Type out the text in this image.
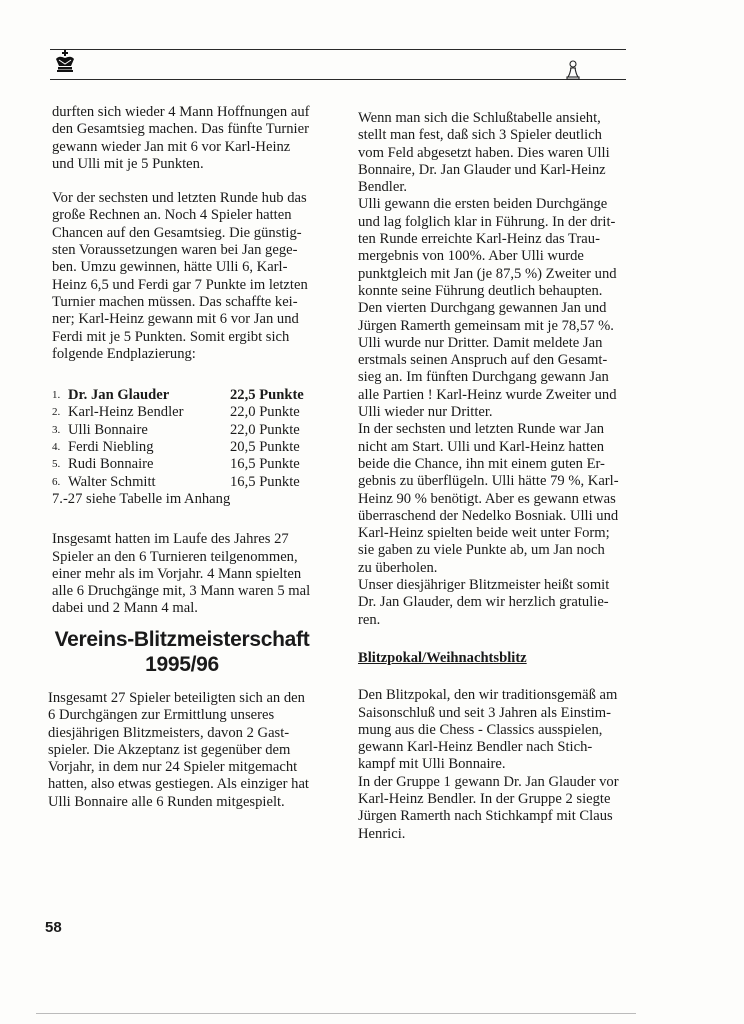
durften sich wieder 4 Mann Hoffnungen auf
den Gesamtsieg machen. Das fünfte Turnier
gewann wieder Jan mit 6 vor Karl-Heinz
und Ulli mit je 5 Punkten.

Vor der sechsten und letzten Runde hub das
große Rechnen an. Noch 4 Spieler hatten
Chancen auf den Gesamtsieg. Die günstig-
sten Voraussetzungen waren bei Jan gege-
ben. Umzu gewinnen, hätte Ulli 6, Karl-
Heinz 6,5 und Ferdi gar 7 Punkte im letzten
Turnier machen müssen. Das schaffte kei-
ner; Karl-Heinz gewann mit 6 vor Jan und
Ferdi mit je 5 Punkten. Somit ergibt sich
folgende Endplazierung:

1.	Dr. Jan Glauder	22,5 Punkte
2.	Karl-Heinz Bendler	22,0 Punkte
3.	Ulli Bonnaire	22,0 Punkte
4.	Ferdi Niebling	20,5 Punkte
5.	Rudi Bonnaire	16,5 Punkte
6.	Walter Schmitt	16,5 Punkte

7.-27 siehe Tabelle im Anhang

Insgesamt hatten im Laufe des Jahres 27
Spieler an den 6 Turnieren teilgenommen,
einer mehr als im Vorjahr. 4 Mann spielten
alle 6 Druchgänge mit, 3 Mann waren 5 mal
dabei und 2 Mann 4 mal.

Vereins-Blitzmeisterschaft
1995/96

Insgesamt 27 Spieler beteiligten sich an den
6 Durchgängen zur Ermittlung unseres
diesjährigen Blitzmeisters, davon 2 Gast-
spieler. Die Akzeptanz ist gegenüber dem
Vorjahr, in dem nur 24 Spieler mitgemacht
hatten, also etwas gestiegen. Als einziger hat
Ulli Bonnaire alle 6 Runden mitgespielt.

Wenn man sich die Schlußtabelle ansieht,
stellt man fest, daß sich 3 Spieler deutlich
vom Feld abgesetzt haben. Dies waren Ulli
Bonnaire, Dr. Jan Glauder und Karl-Heinz
Bendler.
Ulli gewann die ersten beiden Durchgänge
und lag folglich klar in Führung. In der drit-
ten Runde erreichte Karl-Heinz das Trau-
mergebnis von 100%. Aber Ulli wurde
punktgleich mit Jan (je 87,5 %) Zweiter und
konnte seine Führung deutlich behaupten.
Den vierten Durchgang gewannen Jan und
Jürgen Ramerth gemeinsam mit je 78,57 %.
Ulli wurde nur Dritter. Damit meldete Jan
erstmals seinen Anspruch auf den Gesamt-
sieg an. Im fünften Durchgang gewann Jan
alle Partien ! Karl-Heinz wurde Zweiter und
Ulli wieder nur Dritter.
In der sechsten und letzten Runde war Jan
nicht am Start. Ulli und Karl-Heinz hatten
beide die Chance, ihn mit einem guten Er-
gebnis zu überflügeln. Ulli hätte 79 %, Karl-
Heinz 90 % benötigt. Aber es gewann etwas
überraschend der Nedelko Bosniak. Ulli und
Karl-Heinz spielten beide weit unter Form;
sie gaben zu viele Punkte ab, um Jan noch
zu überholen.
Unser diesjähriger Blitzmeister heißt somit
Dr. Jan Glauder, dem wir herzlich gratulie-
ren.

Blitzpokal/Weihnachtsblitz

Den Blitzpokal, den wir traditionsgemäß am
Saisonschluß und seit 3 Jahren als Einstim-
mung aus die Chess - Classics ausspielen,
gewann Karl-Heinz Bendler nach Stich-
kampf mit Ulli Bonnaire.
In der Gruppe 1 gewann Dr. Jan Glauder vor
Karl-Heinz Bendler. In der Gruppe 2 siegte
Jürgen Ramerth nach Stichkampf mit Claus
Henrici.

58
